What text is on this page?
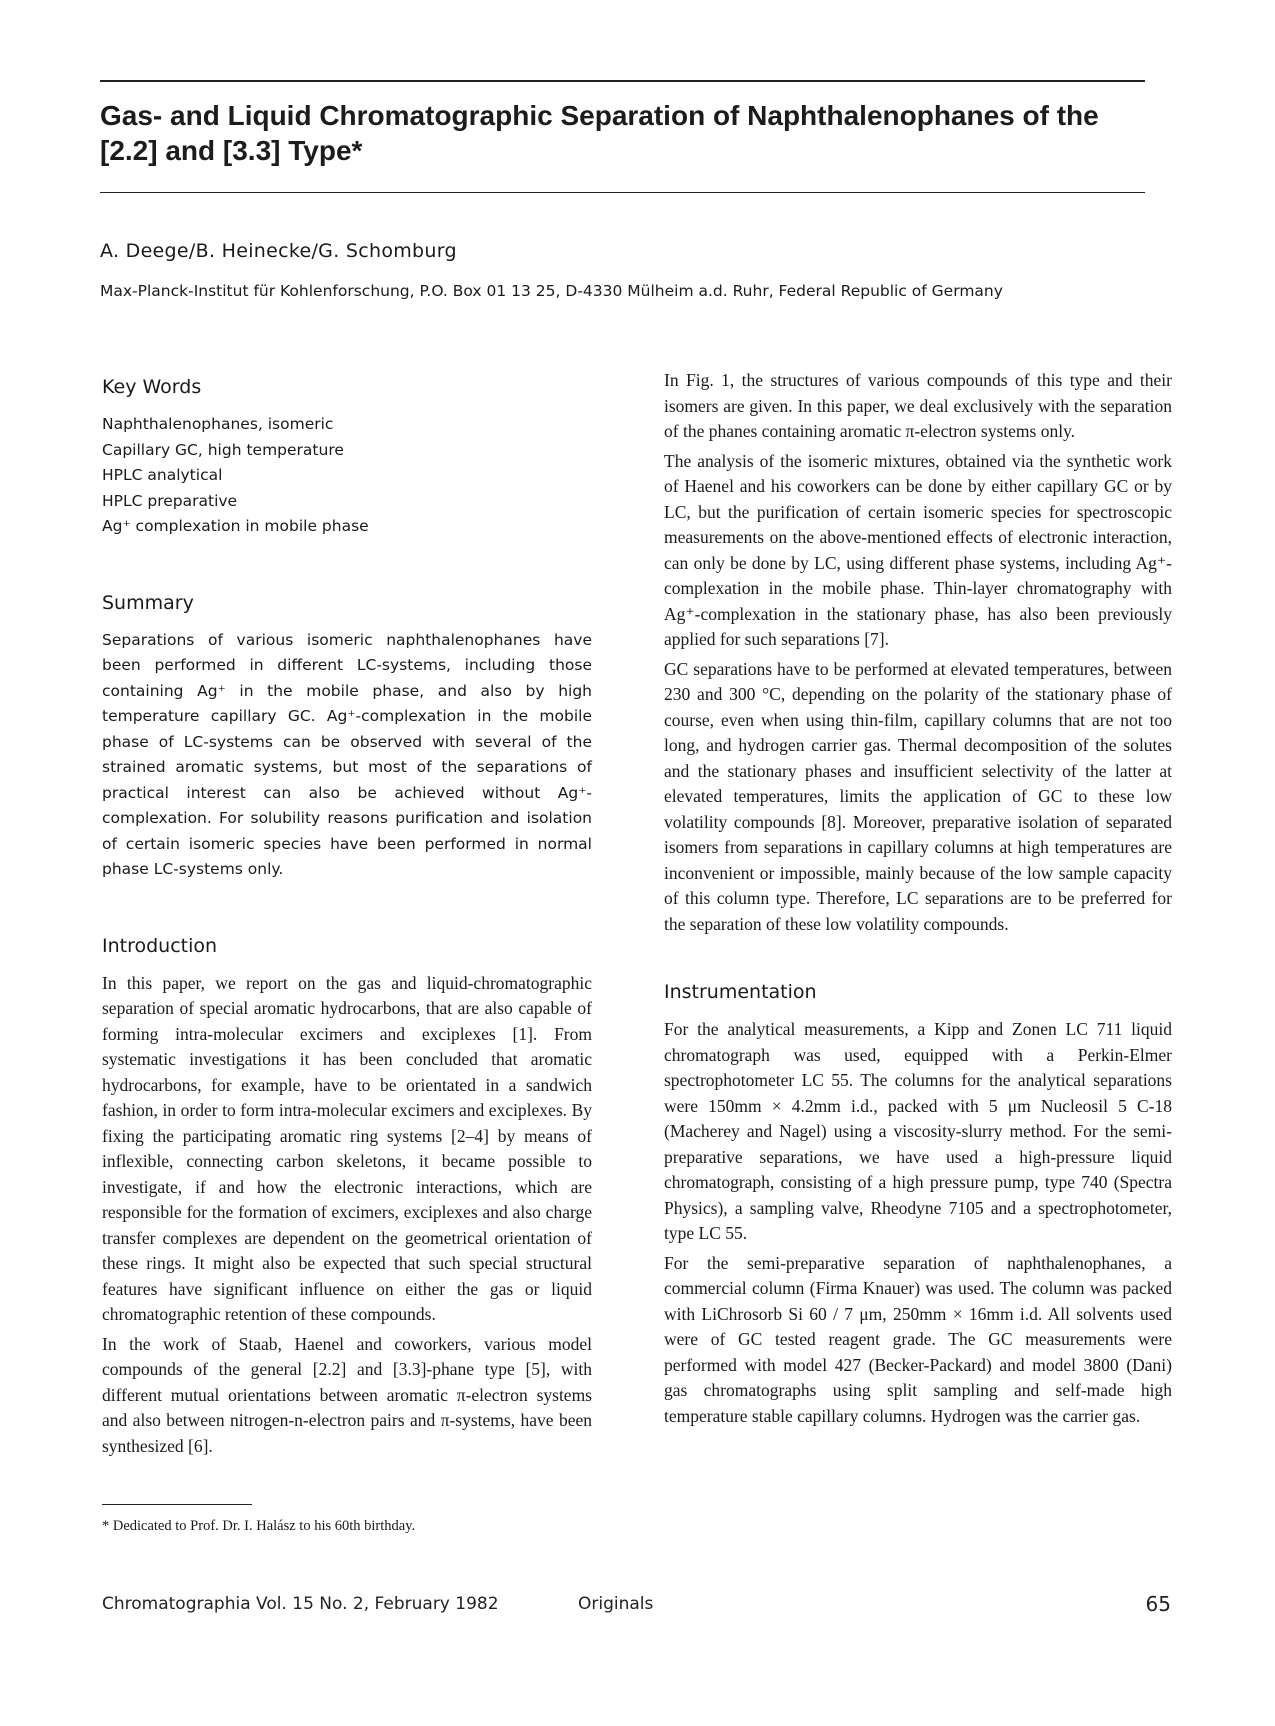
Gas- and Liquid Chromatographic Separation of Naphthalenophanes of the [2.2] and [3.3] Type*

A. Deege/B. Heinecke/G. Schomburg

Max-Planck-Institut für Kohlenforschung, P.O. Box 01 13 25, D-4330 Mülheim a.d. Ruhr, Federal Republic of Germany

Key Words
Naphthalenophanes, isomeric
Capillary GC, high temperature
HPLC analytical
HPLC preparative
Ag⁺ complexation in mobile phase
Summary

Separations of various isomeric naphthalenophanes have been performed in different LC-systems, including those containing Ag⁺ in the mobile phase, and also by high temperature capillary GC. Ag⁺-complexation in the mobile phase of LC-systems can be observed with several of the strained aromatic systems, but most of the separations of practical interest can also be achieved without Ag⁺-complexation. For solubility reasons purification and isolation of certain isomeric species have been performed in normal phase LC-systems only.

Introduction

In this paper, we report on the gas and liquid-chromatographic separation of special aromatic hydrocarbons, that are also capable of forming intra-molecular excimers and exciplexes [1]. From systematic investigations it has been concluded that aromatic hydrocarbons, for example, have to be orientated in a sandwich fashion, in order to form intra-molecular excimers and exciplexes. By fixing the participating aromatic ring systems [2–4] by means of inflexible, connecting carbon skeletons, it became possible to investigate, if and how the electronic interactions, which are responsible for the formation of excimers, exciplexes and also charge transfer complexes are dependent on the geometrical orientation of these rings. It might also be expected that such special structural features have significant influence on either the gas or liquid chromatographic retention of these compounds.

In the work of Staab, Haenel and coworkers, various model compounds of the general [2.2] and [3.3]-phane type [5], with different mutual orientations between aromatic π-electron systems and also between nitrogen-n-electron pairs and π-systems, have been synthesized [6].

In Fig. 1, the structures of various compounds of this type and their isomers are given. In this paper, we deal exclusively with the separation of the phanes containing aromatic π-electron systems only.

The analysis of the isomeric mixtures, obtained via the synthetic work of Haenel and his coworkers can be done by either capillary GC or by LC, but the purification of certain isomeric species for spectroscopic measurements on the above-mentioned effects of electronic interaction, can only be done by LC, using different phase systems, including Ag⁺-complexation in the mobile phase. Thin-layer chromatography with Ag⁺-complexation in the stationary phase, has also been previously applied for such separations [7].

GC separations have to be performed at elevated temperatures, between 230 and 300 °C, depending on the polarity of the stationary phase of course, even when using thin-film, capillary columns that are not too long, and hydrogen carrier gas. Thermal decomposition of the solutes and the stationary phases and insufficient selectivity of the latter at elevated temperatures, limits the application of GC to these low volatility compounds [8]. Moreover, preparative isolation of separated isomers from separations in capillary columns at high temperatures are inconvenient or impossible, mainly because of the low sample capacity of this column type. Therefore, LC separations are to be preferred for the separation of these low volatility compounds.

Instrumentation

For the analytical measurements, a Kipp and Zonen LC 711 liquid chromatograph was used, equipped with a Perkin-Elmer spectrophotometer LC 55. The columns for the analytical separations were 150mm × 4.2mm i.d., packed with 5 μm Nucleosil 5 C-18 (Macherey and Nagel) using a viscosity-slurry method. For the semi-preparative separations, we have used a high-pressure liquid chromatograph, consisting of a high pressure pump, type 740 (Spectra Physics), a sampling valve, Rheodyne 7105 and a spectrophotometer, type LC 55.

For the semi-preparative separation of naphthalenophanes, a commercial column (Firma Knauer) was used. The column was packed with LiChrosorb Si 60 / 7 μm, 250mm × 16mm i.d. All solvents used were of GC tested reagent grade. The GC measurements were performed with model 427 (Becker-Packard) and model 3800 (Dani) gas chromatographs using split sampling and self-made high temperature stable capillary columns. Hydrogen was the carrier gas.

* Dedicated to Prof. Dr. I. Halász to his 60th birthday.

Chromatographia Vol. 15 No. 2, February 1982	Originals	65
